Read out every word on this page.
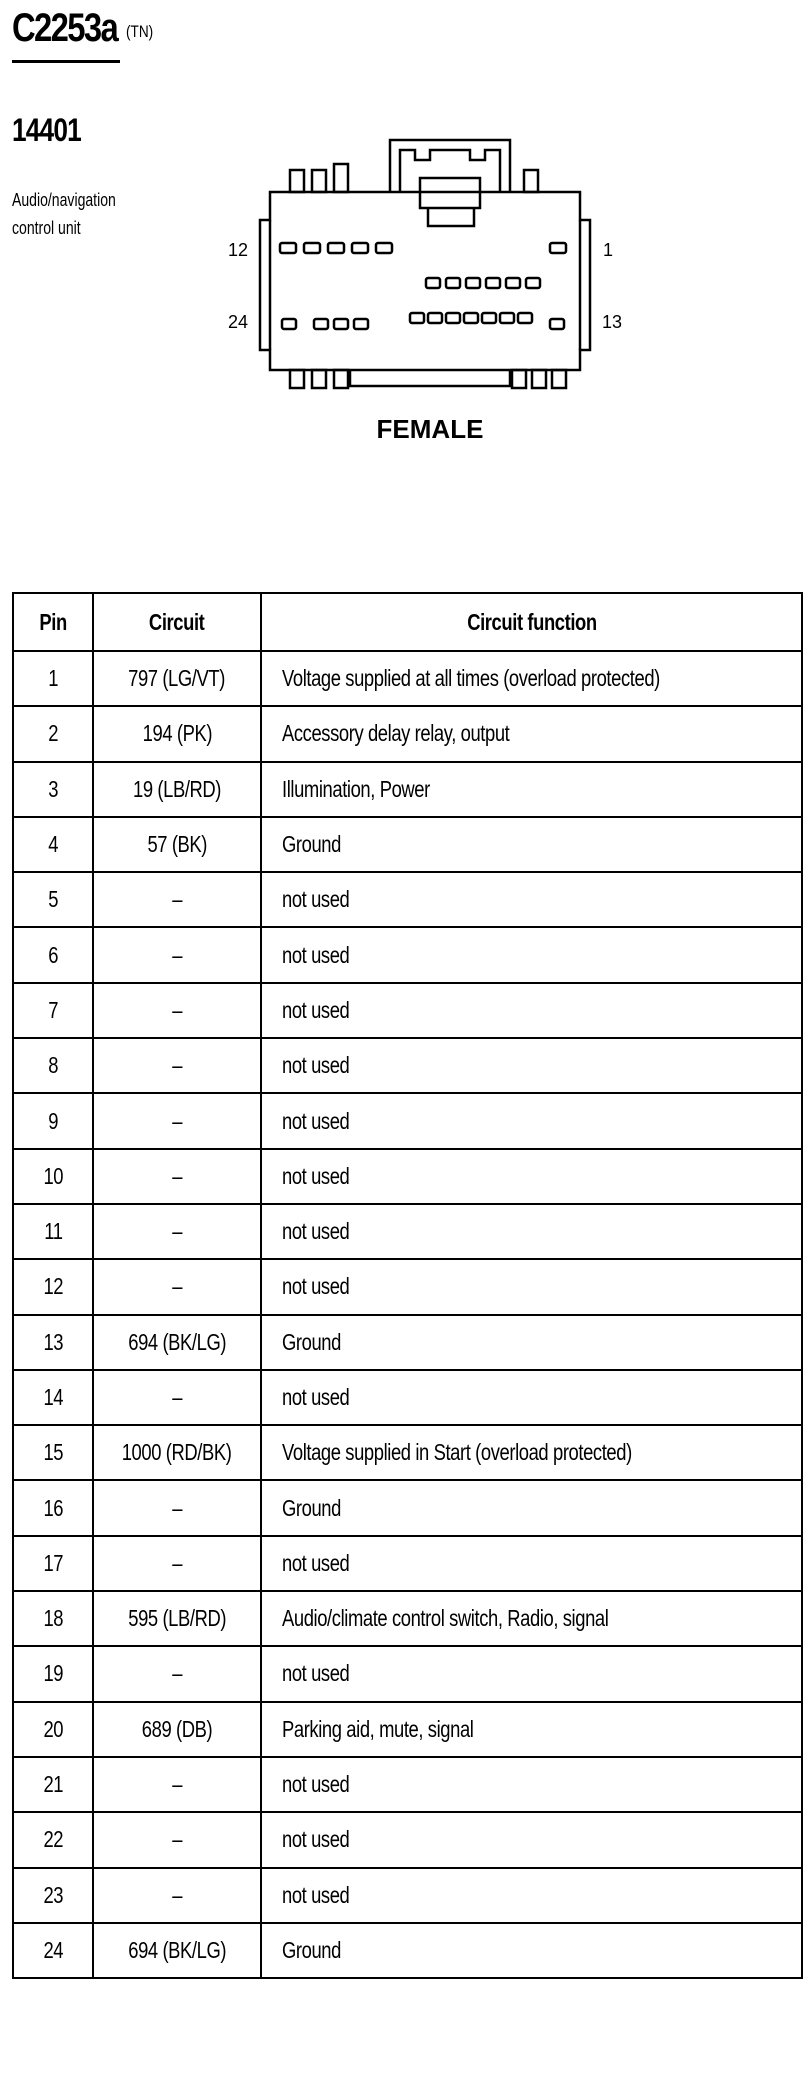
C2253a (TN)
14401
Audio/navigation control unit
12	1
24	13
FEMALE
Pin	Circuit	Circuit function
1	797 (LG/VT)	Voltage supplied at all times (overload protected)
2	194 (PK)	Accessory delay relay, output
3	19 (LB/RD)	Illumination, Power
4	57 (BK)	Ground
5	–	not used
6	–	not used
7	–	not used
8	–	not used
9	–	not used
10	–	not used
11	–	not used
12	–	not used
13	694 (BK/LG)	Ground
14	–	not used
15	1000 (RD/BK)	Voltage supplied in Start (overload protected)
16	–	Ground
17	–	not used
18	595 (LB/RD)	Audio/climate control switch, Radio, signal
19	–	not used
20	689 (DB)	Parking aid, mute, signal
21	–	not used
22	–	not used
23	–	not used
24	694 (BK/LG)	Ground
